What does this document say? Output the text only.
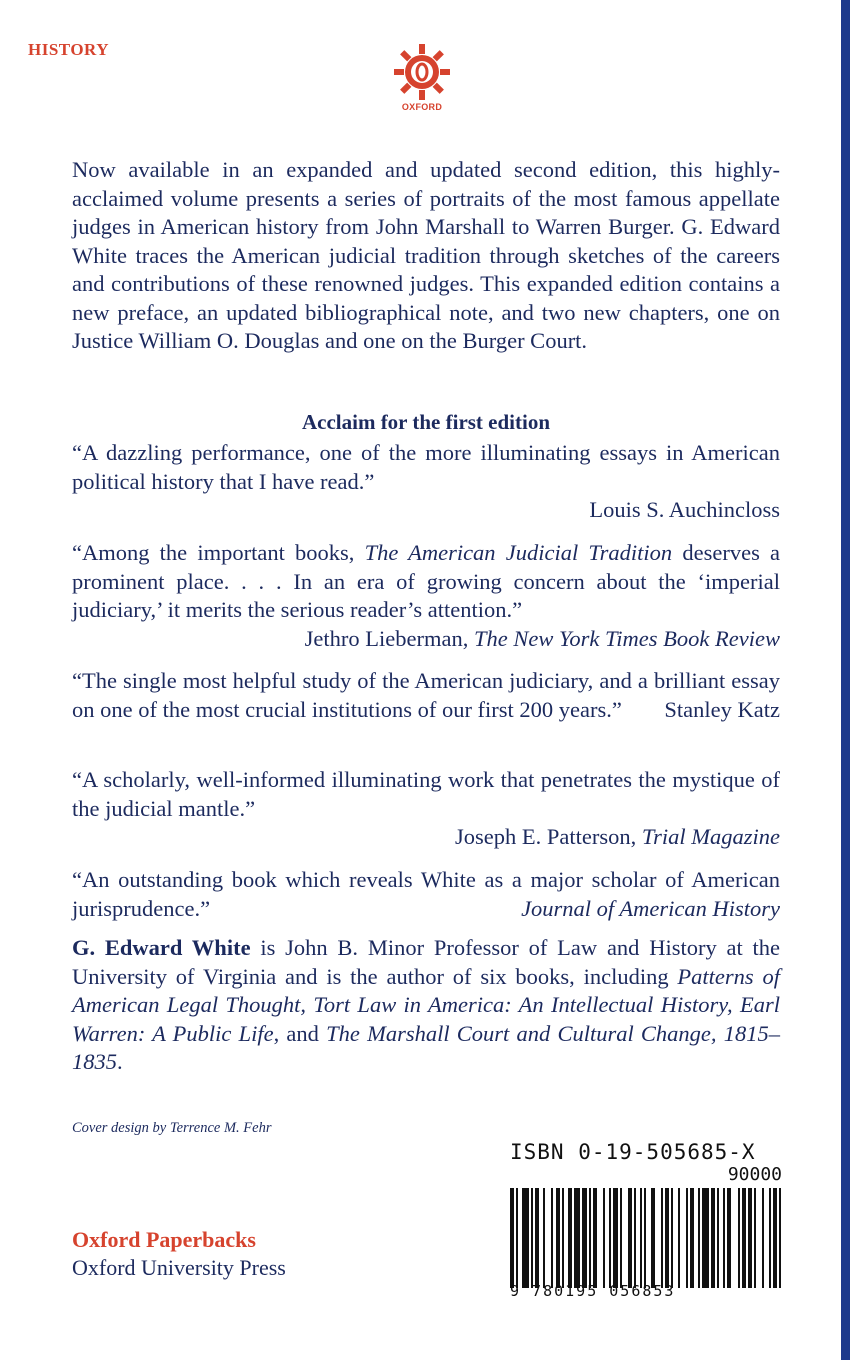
HISTORY
OXFORD

Now available in an expanded and updated second edition, this highly-acclaimed volume presents a series of portraits of the most famous appellate judges in American history from John Marshall to Warren Burger. G. Edward White traces the American judicial tradition through sketches of the careers and contributions of these renowned judges. This expanded edition contains a new preface, an updated bibliographical note, and two new chapters, one on Justice William O. Douglas and one on the Burger Court.

Acclaim for the first edition

“A dazzling performance, one of the more illuminating essays in American political history that I have read.”
Louis S. Auchincloss
“Among the important books, The American Judicial Tradition deserves a prominent place. . . . In an era of growing concern about the ‘imperial judiciary,’ it merits the serious reader’s attention.”
Jethro Lieberman, The New York Times Book Review
“The single most helpful study of the American judiciary, and a brilliant essay on one of the most crucial institutions of our first 200 years.”	Stanley Katz
“A scholarly, well-informed illuminating work that penetrates the mystique of the judicial mantle.”
Joseph E. Patterson, Trial Magazine
“An outstanding book which reveals White as a major scholar of American jurisprudence.”	Journal of American History

G. Edward White is John B. Minor Professor of Law and History at the University of Virginia and is the author of six books, including Patterns of American Legal Thought, Tort Law in America: An Intellectual History, Earl Warren: A Public Life, and The Marshall Court and Cultural Change, 1815–1835.

Cover design by Terrence M. Fehr
ISBN 0-19-505685-X
90000
9 780195 056853
Oxford Paperbacks
Oxford University Press
